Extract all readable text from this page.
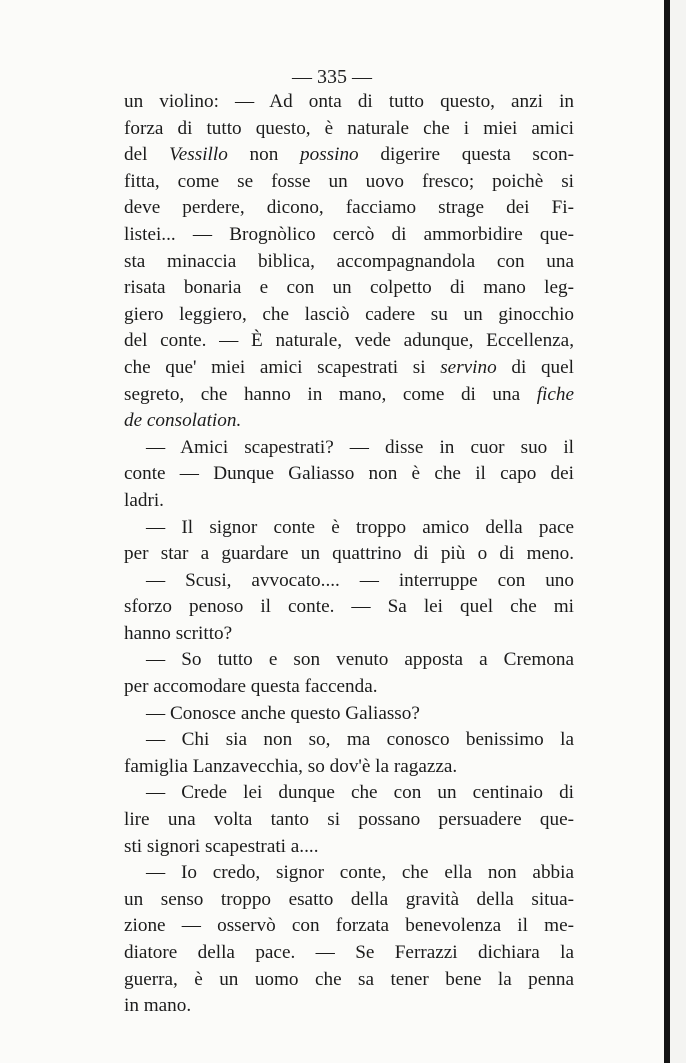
— 335 —
un violino: — Ad onta di tutto questo, anzi in
forza di tutto questo, è naturale che i miei amici
del Vessillo non possino digerire questa scon-
fitta, come se fosse un uovo fresco; poichè si
deve perdere, dicono, facciamo strage dei Fi-
listei... — Brognòlico cercò di ammorbidire que-
sta minaccia biblica, accompagnandola con una
risata bonaria e con un colpetto di mano leg-
giero leggiero, che lasciò cadere su un ginocchio
del conte. — È naturale, vede adunque, Eccellenza,
che que' miei amici scapestrati si servino di quel
segreto, che hanno in mano, come di una fiche
de consolation.
— Amici scapestrati? — disse in cuor suo il
conte — Dunque Galiasso non è che il capo dei
ladri.
— Il signor conte è troppo amico della pace
per star a guardare un quattrino di più o di meno.
— Scusi, avvocato.... — interruppe con uno
sforzo penoso il conte. — Sa lei quel che mi
hanno scritto?
— So tutto e son venuto apposta a Cremona
per accomodare questa faccenda.
— Conosce anche questo Galiasso?
— Chi sia non so, ma conosco benissimo la
famiglia Lanzavecchia, so dov'è la ragazza.
— Crede lei dunque che con un centinaio di
lire una volta tanto si possano persuadere que-
sti signori scapestrati a....
— Io credo, signor conte, che ella non abbia
un senso troppo esatto della gravità della situa-
zione — osservò con forzata benevolenza il me-
diatore della pace. — Se Ferrazzi dichiara la
guerra, è un uomo che sa tener bene la penna
in mano.
